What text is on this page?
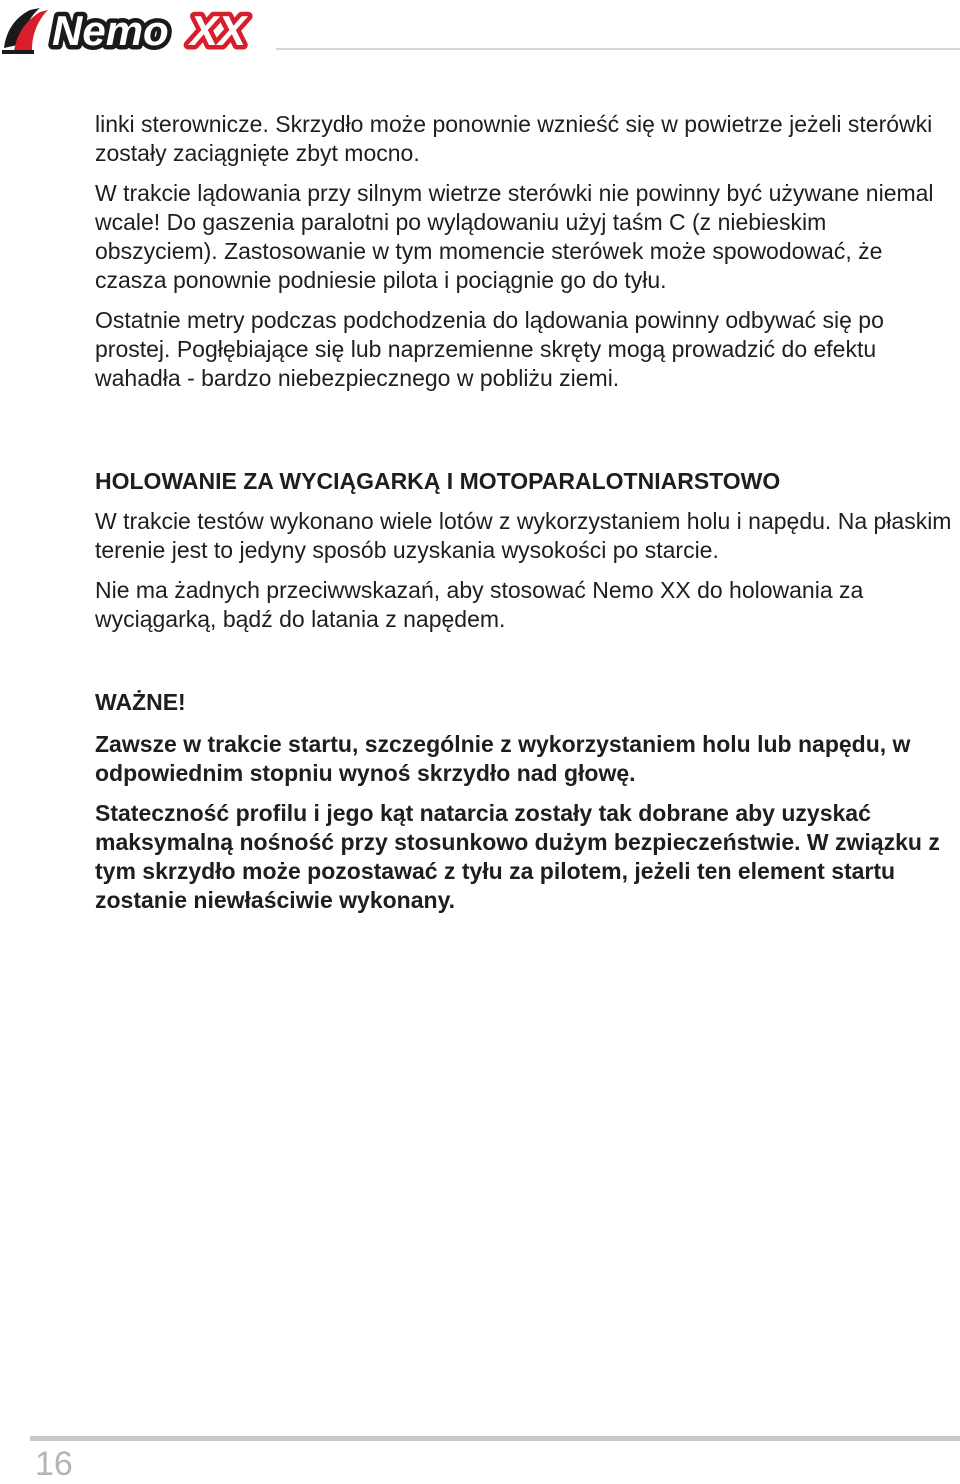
Nemo XX

linki sterownicze. Skrzydło może ponownie wznieść się w powietrze jeżeli sterówki zostały zaciągnięte zbyt mocno.

W trakcie lądowania przy silnym wietrze sterówki nie powinny być używane niemal wcale! Do gaszenia paralotni po wylądowaniu użyj taśm C (z niebieskim obszyciem). Zastosowanie w tym momencie sterówek może spowodować, że czasza ponownie podniesie pilota i pociągnie go do tyłu.

Ostatnie metry podczas podchodzenia do lądowania powinny odbywać się po prostej. Pogłębiające się lub naprzemienne skręty mogą prowadzić do efektu wahadła - bardzo niebezpiecznego w pobliżu ziemi.

HOLOWANIE ZA WYCIĄGARKĄ I MOTOPARALOTNIARSTOWO

W trakcie testów wykonano wiele lotów z wykorzystaniem holu i napędu. Na płaskim terenie jest to jedyny sposób uzyskania wysokości po starcie.

Nie ma żadnych przeciwwskazań, aby stosować Nemo XX do holowania za wyciągarką, bądź do latania z napędem.

WAŻNE!

Zawsze w trakcie startu, szczególnie z wykorzystaniem holu lub napędu, w odpowiednim stopniu wynoś skrzydło nad głowę.

Stateczność profilu i jego kąt natarcia zostały tak dobrane aby uzyskać maksymalną nośność przy stosunkowo dużym bezpieczeństwie. W związku z tym skrzydło może pozostawać z tyłu za pilotem, jeżeli ten element startu zostanie niewłaściwie wykonany.

16
